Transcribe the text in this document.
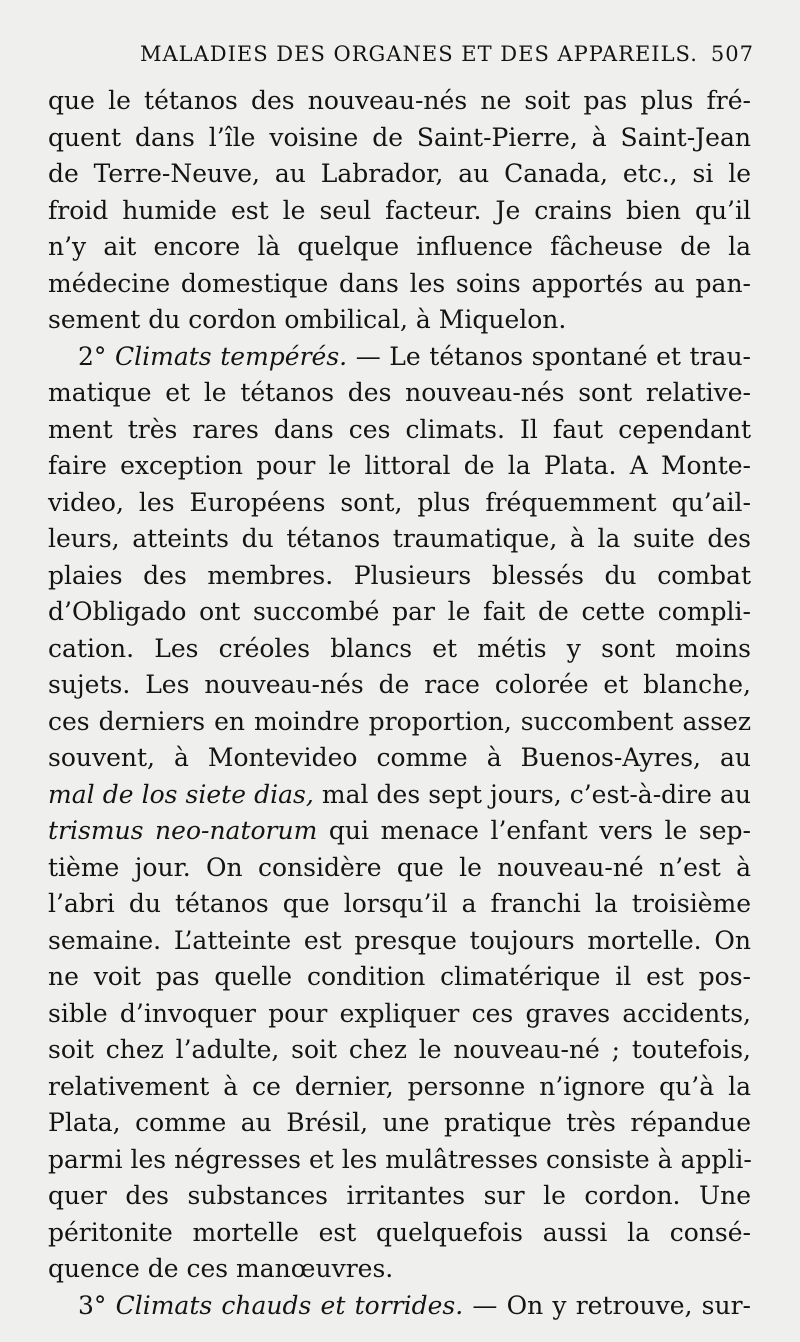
MALADIES DES ORGANES ET DES APPAREILS. 507
que le tétanos des nouveau-nés ne soit pas plus fré-
quent dans l’île voisine de Saint-Pierre, à Saint-Jean
de Terre-Neuve, au Labrador, au Canada, etc., si le
froid humide est le seul facteur. Je crains bien qu’il
n’y ait encore là quelque influence fâcheuse de la
médecine domestique dans les soins apportés au pan-
sement du cordon ombilical, à Miquelon.
2° Climats tempérés. — Le tétanos spontané et trau-
matique et le tétanos des nouveau-nés sont relative-
ment très rares dans ces climats. Il faut cependant
faire exception pour le littoral de la Plata. A Monte-
video, les Européens sont, plus fréquemment qu’ail-
leurs, atteints du tétanos traumatique, à la suite des
plaies des membres. Plusieurs blessés du combat
d’Obligado ont succombé par le fait de cette compli-
cation. Les créoles blancs et métis y sont moins
sujets. Les nouveau-nés de race colorée et blanche,
ces derniers en moindre proportion, succombent assez
souvent, à Montevideo comme à Buenos-Ayres, au
mal de los siete dias, mal des sept jours, c’est-à-dire au
trismus neo-natorum qui menace l’enfant vers le sep-
tième jour. On considère que le nouveau-né n’est à
l’abri du tétanos que lorsqu’il a franchi la troisième
semaine. L’atteinte est presque toujours mortelle. On
ne voit pas quelle condition climatérique il est pos-
sible d’invoquer pour expliquer ces graves accidents,
soit chez l’adulte, soit chez le nouveau-né ; toutefois,
relativement à ce dernier, personne n’ignore qu’à la
Plata, comme au Brésil, une pratique très répandue
parmi les négresses et les mulâtresses consiste à appli-
quer des substances irritantes sur le cordon. Une
péritonite mortelle est quelquefois aussi la consé-
quence de ces manœuvres.
3° Climats chauds et torrides. — On y retrouve, sur-
